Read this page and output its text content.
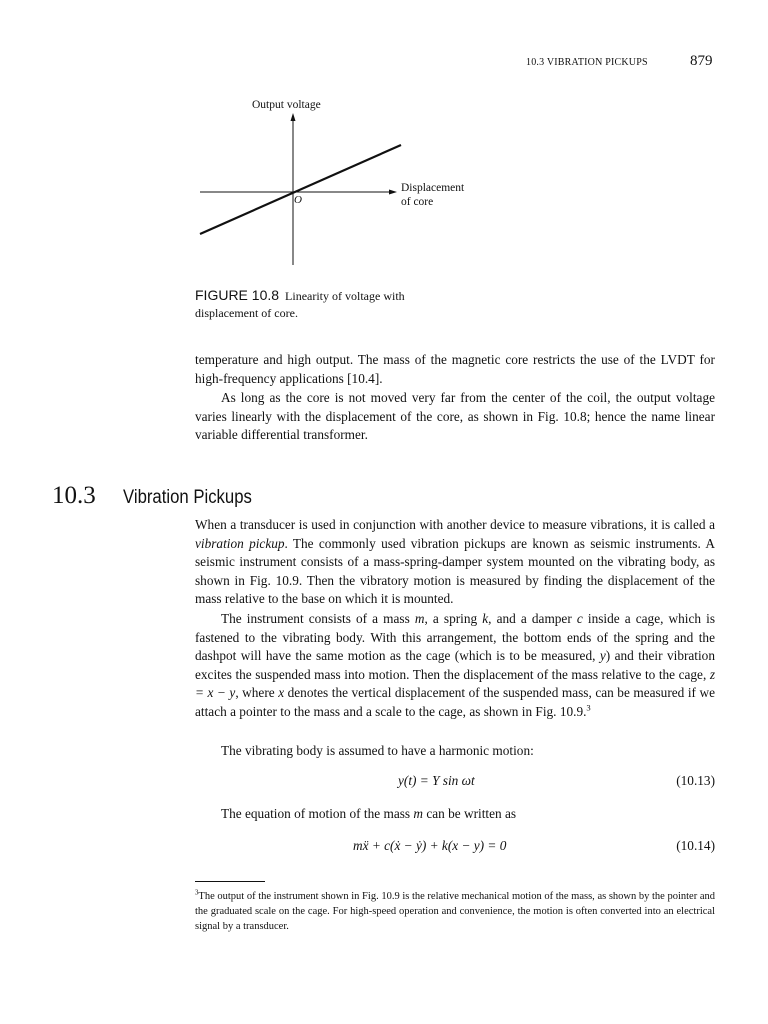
10.3 VIBRATION PICKUPS	879
Output voltage
Displacement
of core
O
FIGURE 10.8 Linearity of voltage with displacement of core.

temperature and high output. The mass of the magnetic core restricts the use of the LVDT for high-frequency applications [10.4].

As long as the core is not moved very far from the center of the coil, the output voltage varies linearly with the displacement of the core, as shown in Fig. 10.8; hence the name linear variable differential transformer.

10.3 Vibration Pickups

When a transducer is used in conjunction with another device to measure vibrations, it is called a vibration pickup. The commonly used vibration pickups are known as seismic instruments. A seismic instrument consists of a mass-spring-damper system mounted on the vibrating body, as shown in Fig. 10.9. Then the vibratory motion is measured by finding the displacement of the mass relative to the base on which it is mounted.

The instrument consists of a mass m, a spring k, and a damper c inside a cage, which is fastened to the vibrating body. With this arrangement, the bottom ends of the spring and the dashpot will have the same motion as the cage (which is to be measured, y) and their vibration excites the suspended mass into motion. Then the displacement of the mass relative to the cage, z = x − y, where x denotes the vertical displacement of the suspended mass, can be measured if we attach a pointer to the mass and a scale to the cage, as shown in Fig. 10.9.$^3$

The vibrating body is assumed to have a harmonic motion:

y(t) = Y sin ωt	(10.13)

The equation of motion of the mass m can be written as

mẍ + c(ẋ − ẏ) + k(x − y) = 0	(10.14)
$^3$The output of the instrument shown in Fig. 10.9 is the relative mechanical motion of the mass, as shown by the pointer and the graduated scale on the cage. For high-speed operation and convenience, the motion is often converted into an electrical signal by a transducer.
